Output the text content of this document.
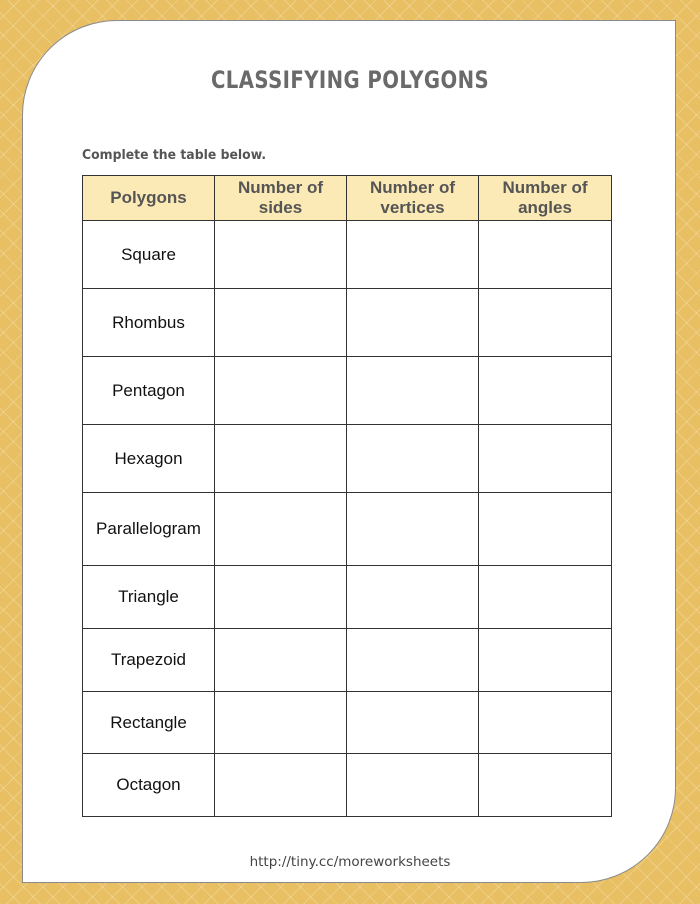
CLASSIFYING POLYGONS
Complete the table below.
Polygons	Number of sides	Number of vertices	Number of angles
Square			
Rhombus			
Pentagon			
Hexagon			
Parallelogram			
Triangle			
Trapezoid			
Rectangle			
Octagon			
http://tiny.cc/moreworksheets
